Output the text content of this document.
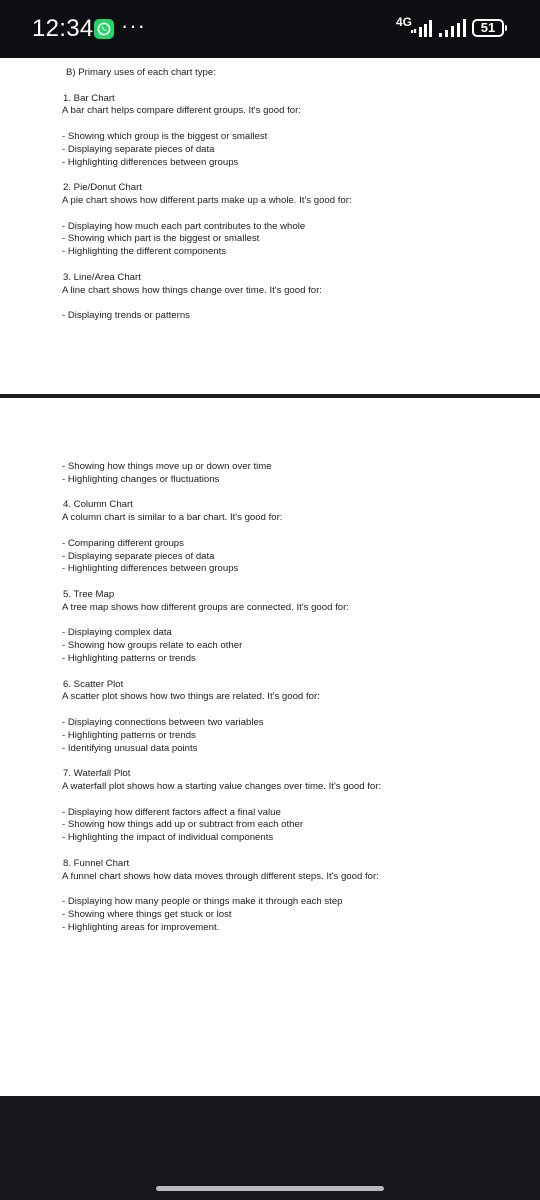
12:34 ···	4G	51

B) Primary uses of each chart type:

1. Bar Chart

A bar chart helps compare different groups. It's good for:

- Showing which group is the biggest or smallest

- Displaying separate pieces of data

- Highlighting differences between groups

2. Pie/Donut Chart

A pie chart shows how different parts make up a whole. It's good for:

- Displaying how much each part contributes to the whole

- Showing which part is the biggest or smallest

- Highlighting the different components

3. Line/Area Chart

A line chart shows how things change over time. It's good for:

- Displaying trends or patterns

- Showing how things move up or down over time

- Highlighting changes or fluctuations

4. Column Chart

A column chart is similar to a bar chart. It's good for:

- Comparing different groups

- Displaying separate pieces of data

- Highlighting differences between groups

5. Tree Map

A tree map shows how different groups are connected. It's good for:

- Displaying complex data

- Showing how groups relate to each other

- Highlighting patterns or trends

6. Scatter Plot

A scatter plot shows how two things are related. It's good for:

- Displaying connections between two variables

- Highlighting patterns or trends

- Identifying unusual data points

7. Waterfall Plot

A waterfall plot shows how a starting value changes over time. It's good for:

- Displaying how different factors affect a final value

- Showing how things add up or subtract from each other

- Highlighting the impact of individual components

8. Funnel Chart

A funnel chart shows how data moves through different steps. It's good for:

- Displaying how many people or things make it through each step

- Showing where things get stuck or lost

- Highlighting areas for improvement.
